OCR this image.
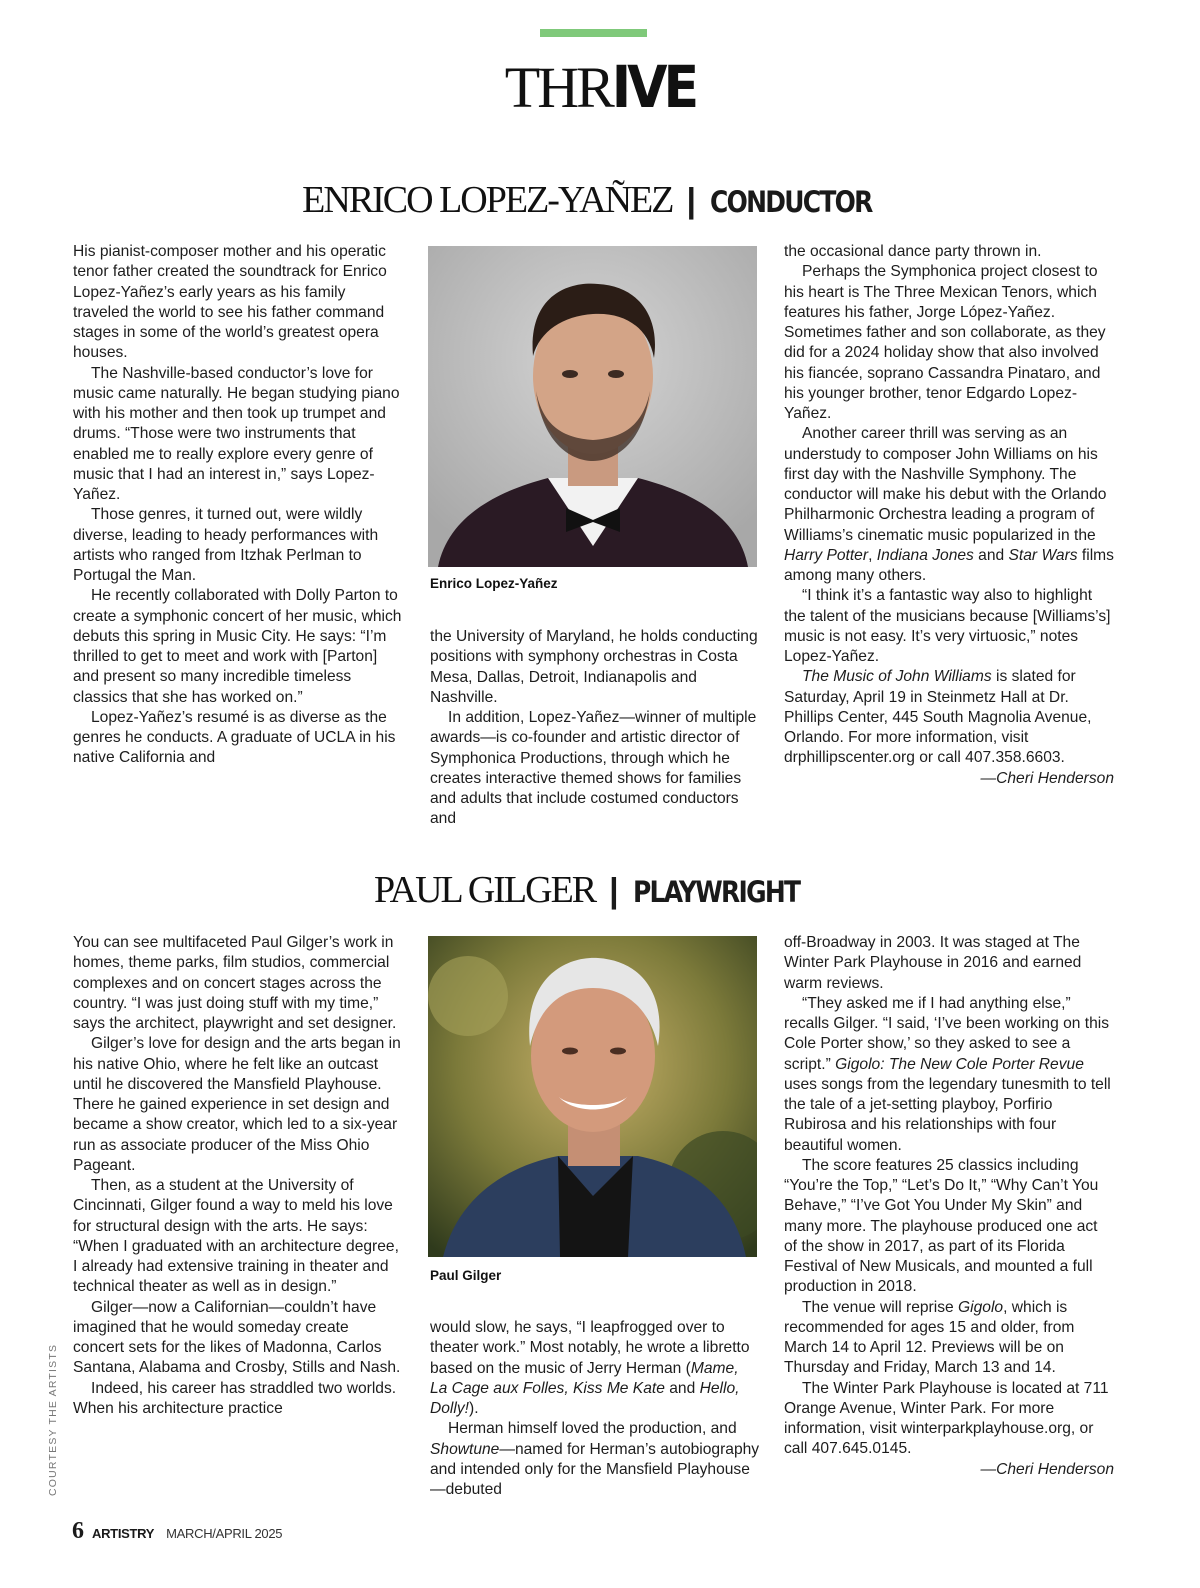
THRIVE
ENRICO LOPEZ-YAÑEZ | CONDUCTOR

His pianist-composer mother and his operatic tenor father created the soundtrack for Enrico Lopez-Yañez’s early years as his family traveled the world to see his father command stages in some of the world’s greatest opera houses.

The Nashville-based conductor’s love for music came naturally. He began studying piano with his mother and then took up trumpet and drums. “Those were two instruments that enabled me to really explore every genre of music that I had an interest in,” says Lopez-Yañez.

Those genres, it turned out, were wildly diverse, leading to heady performances with artists who ranged from Itzhak Perlman to Portugal the Man.

He recently collaborated with Dolly Parton to create a symphonic concert of her music, which debuts this spring in Music City. He says: “I’m thrilled to get to meet and work with [Parton] and present so many incredible timeless classics that she has worked on.”

Lopez-Yañez’s resumé is as diverse as the genres he conducts. A graduate of UCLA in his native California and

Enrico Lopez-Yañez

the University of Maryland, he holds conducting positions with symphony orchestras in Costa Mesa, Dallas, Detroit, Indianapolis and Nashville.

In addition, Lopez-Yañez—winner of multiple awards—is co-founder and artistic director of Symphonica Productions, through which he creates interactive themed shows for families and adults that include costumed conductors and

the occasional dance party thrown in.

Perhaps the Symphonica project closest to his heart is The Three Mexican Tenors, which features his father, Jorge López-Yañez. Sometimes father and son collaborate, as they did for a 2024 holiday show that also involved his fiancée, soprano Cassandra Pinataro, and his younger brother, tenor Edgardo Lopez-Yañez.

Another career thrill was serving as an understudy to composer John Williams on his first day with the Nashville Symphony. The conductor will make his debut with the Orlando Philharmonic Orchestra leading a program of Williams’s cinematic music popularized in the Harry Potter, Indiana Jones and Star Wars films among many others.

“I think it’s a fantastic way also to highlight the talent of the musicians because [Williams’s] music is not easy. It’s very virtuosic,” notes Lopez-Yañez.

The Music of John Williams is slated for Saturday, April 19 in Steinmetz Hall at Dr. Phillips Center, 445 South Magnolia Avenue, Orlando. For more information, visit drphillipscenter.org or call 407.358.6603.

—Cheri Henderson

PAUL GILGER | PLAYWRIGHT

You can see multifaceted Paul Gilger’s work in homes, theme parks, film studios, commercial complexes and on concert stages across the country. “I was just doing stuff with my time,” says the architect, playwright and set designer.

Gilger’s love for design and the arts began in his native Ohio, where he felt like an outcast until he discovered the Mansfield Playhouse. There he gained experience in set design and became a show creator, which led to a six-year run as associate producer of the Miss Ohio Pageant.

Then, as a student at the University of Cincinnati, Gilger found a way to meld his love for structural design with the arts. He says: “When I graduated with an architecture degree, I already had extensive training in theater and technical theater as well as in design.”

Gilger—now a Californian—couldn’t have imagined that he would someday create concert sets for the likes of Madonna, Carlos Santana, Alabama and Crosby, Stills and Nash.

Indeed, his career has straddled two worlds. When his architecture practice

Paul Gilger

would slow, he says, “I leapfrogged over to theater work.” Most notably, he wrote a libretto based on the music of Jerry Herman (Mame, La Cage aux Folles, Kiss Me Kate and Hello, Dolly!).

Herman himself loved the production, and Showtune—named for Herman’s autobiography and intended only for the Mansfield Playhouse—debuted

off-Broadway in 2003. It was staged at The Winter Park Playhouse in 2016 and earned warm reviews.

“They asked me if I had anything else,” recalls Gilger. “I said, ‘I’ve been working on this Cole Porter show,’ so they asked to see a script.” Gigolo: The New Cole Porter Revue uses songs from the legendary tunesmith to tell the tale of a jet-setting playboy, Porfirio Rubirosa and his relationships with four beautiful women.

The score features 25 classics including “You’re the Top,” “Let’s Do It,” “Why Can’t You Behave,” “I’ve Got You Under My Skin” and many more. The playhouse produced one act of the show in 2017, as part of its Florida Festival of New Musicals, and mounted a full production in 2018.

The venue will reprise Gigolo, which is recommended for ages 15 and older, from March 14 to April 12. Previews will be on Thursday and Friday, March 13 and 14.

The Winter Park Playhouse is located at 711 Orange Avenue, Winter Park. For more information, visit winterparkplayhouse.org, or call 407.645.0145.

—Cheri Henderson

COURTESY THE ARTISTS
6 ARTISTRY MARCH/APRIL 2025
